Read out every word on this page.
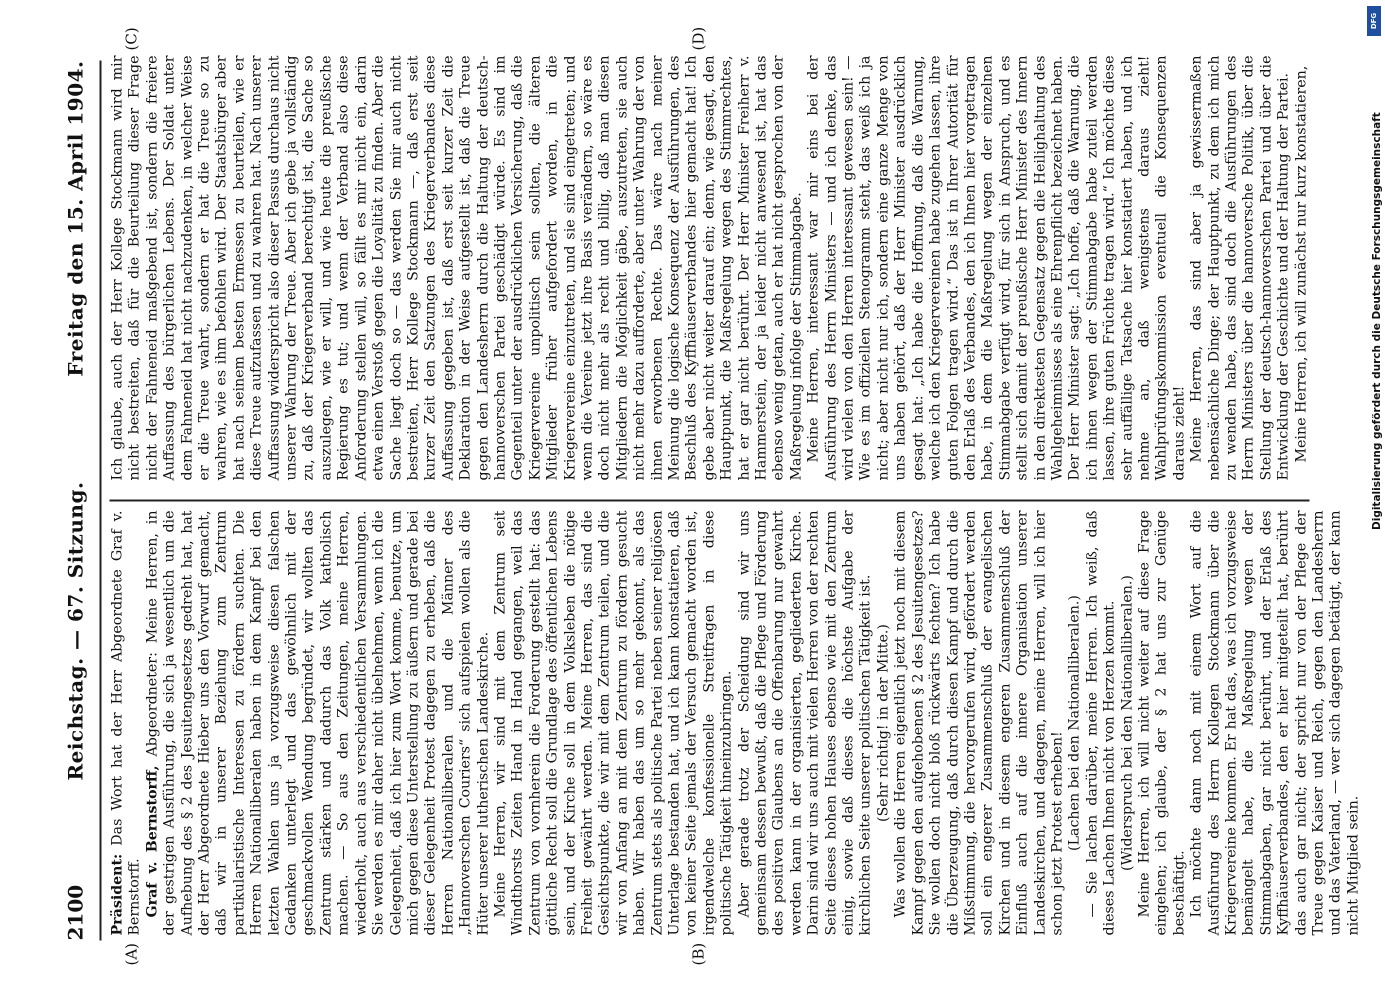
2100
Reichstag. — 67. Sitzung.
Freitag den 15. April 1904.
(A)	(B)
(C)	(D)

Präsident: Das Wort hat der Herr Abgeordnete Graf v. Bernstorff. Graf v. Bernstorff, Abgeordneter: Meine Herren, in der gestrigen Ausführung, die sich ja wesentlich um die Aufhebung des § 2 des Jesuitengesetzes gedreht hat, hat der Herr Abgeordnete Hieber uns den Vorwurf gemacht, daß wir in unserer Beziehung zum Zentrum partikularistische Interessen zu fördern suchten. Die Herren Nationalliberalen haben in dem Kampf bei den letzten Wahlen uns ja vorzugsweise diesen falschen Gedanken unterlegt und das gewöhnlich mit der geschmackvollen Wendung begründet, wir wollten das Zentrum stärken und dadurch das Volk katholisch machen. — So aus den Zeitungen, meine Herren, wiederholt, auch aus verschiedentlichen Versammlungen. Sie werden es mir daher nicht übelnehmen, wenn ich die Gelegenheit, daß ich hier zum Wort komme, benutze, um mich gegen diese Unterstellung zu äußern und gerade bei dieser Gelegenheit Protest dagegen zu erheben, daß die Herren Nationalliberalen und die Männer des „Hannoverschen Couriers“ sich aufspielen wollen als die Hüter unserer lutherischen Landeskirche. Meine Herren, wir sind mit dem Zentrum seit Windthorsts Zeiten Hand in Hand gegangen, weil das Zentrum von vornherein die Forderung gestellt hat: das göttliche Recht soll die Grundlage des öffentlichen Lebens sein, und der Kirche soll in dem Volksleben die nötige Freiheit gewährt werden. Meine Herren, das sind die Gesichtspunkte, die wir mit dem Zentrum teilen, und die wir von Anfang an mit dem Zentrum zu fördern gesucht haben. Wir haben das um so mehr gekonnt, als das Zentrum stets als politische Partei neben seiner religiösen Unterlage bestanden hat, und ich kann konstatieren, daß von keiner Seite jemals der Versuch gemacht worden ist, irgendwelche konfessionelle Streitfragen in diese politische Tätigkeit hineinzubringen. Aber gerade trotz der Scheidung sind wir uns gemeinsam dessen bewußt, daß die Pflege und Förderung des positiven Glaubens an die Offenbarung nur gewahrt werden kann in der organisierten, gegliederten Kirche. Darin sind wir uns auch mit vielen Herren von der rechten Seite dieses hohen Hauses ebenso wie mit den Zentrum einig, sowie daß dieses die höchste Aufgabe der kirchlichen Seite unserer politischen Tätigkeit ist. (Sehr richtig! in der Mitte.) Was wollen die Herren eigentlich jetzt noch mit diesem Kampf gegen den aufgehobenen § 2 des Jesuitengesetzes? Sie wollen doch nicht bloß rückwärts fechten? Ich habe die Überzeugung, daß durch diesen Kampf und durch die Mißstimmung, die hervorgerufen wird, gefördert werden soll ein engerer Zusammenschluß der evangelischen Kirchen und in diesem engeren Zusammenschluß der Einfluß auch auf die innere Organisation unserer Landeskirchen, und dagegen, meine Herren, will ich hier schon jetzt Protest erheben! (Lachen bei den Nationalliberalen.) — Sie lachen darüber, meine Herren. Ich weiß, daß dieses Lachen Ihnen nicht von Herzen kommt. (Widerspruch bei den Nationalliberalen.) Meine Herren, ich will nicht weiter auf diese Frage eingehen; ich glaube, der § 2 hat uns zur Genüge beschäftigt. Ich möchte dann noch mit einem Wort auf die Ausführung des Herrn Kollegen Stockmann über die Kriegervereine kommen. Er hat das, was ich vorzugsweise bemängelt habe, die Maßregelung wegen der Stimmabgaben, gar nicht berührt, und der Erlaß des Kyffhäuserverbandes, den er hier mitgeteilt hat, berührt das auch gar nicht; der spricht nur von der Pflege der Treue gegen Kaiser und Reich, gegen den Landesherrn und das Vaterland, — wer sich dagegen betätigt, der kann nicht Mitglied sein.

Ich glaube, auch der Herr Kollege Stockmann wird mir nicht bestreiten, daß für die Beurteilung dieser Frage nicht der Fahneneid maßgebend ist, sondern die freiere Auffassung des bürgerlichen Lebens. Der Soldat unter dem Fahneneid hat nicht nachzudenken, in welcher Weise er die Treue wahrt, sondern er hat die Treue so zu wahren, wie es ihm befohlen wird. Der Staatsbürger aber hat nach seinem besten Ermessen zu beurteilen, wie er diese Treue aufzufassen und zu wahren hat. Nach unserer Auffassung widerspricht also dieser Passus durchaus nicht unserer Wahrung der Treue. Aber ich gebe ja vollständig zu, daß der Kriegerverband berechtigt ist, die Sache so auszulegen, wie er will, und wie heute die preußische Regierung es tut; und wenn der Verband also diese Anforderung stellen will, so fällt es mir nicht ein, darin etwa einen Verstoß gegen die Loyalität zu finden. Aber die Sache liegt doch so — das werden Sie mir auch nicht bestreiten, Herr Kollege Stockmann —, daß erst seit kurzer Zeit den Satzungen des Kriegerverbandes diese Auffassung gegeben ist, daß erst seit kurzer Zeit die Deklaration in der Weise aufgestellt ist, daß die Treue gegen den Landesherrn durch die Haltung der deutsch-hannoverschen Partei geschädigt würde. Es sind im Gegenteil unter der ausdrücklichen Versicherung, daß die Kriegervereine unpolitisch sein sollten, die älteren Mitglieder früher aufgefordert worden, in die Kriegervereine einzutreten, und sie sind eingetreten; und wenn die Vereine jetzt ihre Basis verändern, so wäre es doch nicht mehr als recht und billig, daß man diesen Mitgliedern die Möglichkeit gäbe, auszutreten, sie auch nicht mehr dazu aufforderte, aber unter Wahrung der von ihnen erworbenen Rechte. Das wäre nach meiner Meinung die logische Konsequenz der Ausführungen, des Beschluß des Kyffhäuserverbandes hier gemacht hat! Ich gebe aber nicht weiter darauf ein; denn, wie gesagt, den Hauptpunkt, die Maßregelung wegen des Stimmrechtes, hat er gar nicht berührt. Der Herr Minister Freiherr v. Hammerstein, der ja leider nicht anwesend ist, hat das ebenso wenig getan, auch er hat nicht gesprochen von der Maßregelung infolge der Stimmabgabe. Meine Herren, interessant war mir eins bei der Ausführung des Herrn Ministers — und ich denke, das wird vielen von den Herren interessant gewesen sein! — Wie es im offiziellen Stenogramm steht, das weiß ich ja nicht; aber nicht nur ich, sondern eine ganze Menge von uns haben gehört, daß der Herr Minister ausdrücklich gesagt hat: „Ich habe die Hoffnung, daß die Warnung, welche ich den Kriegervereinen habe zugehen lassen, ihre guten Folgen tragen wird.“ Das ist in Ihrer Autorität für den Erlaß des Verbandes, den ich Ihnen hier vorgetragen habe, in dem die Maßregelung wegen der einzelnen Stimmabgabe verfügt wird, für sich in Anspruch, und es stellt sich damit der preußische Herr Minister des Innern in den direktesten Gegensatz gegen die Heilighaltung des Wahlgeheimnisses als eine Ehrenpflicht bezeichnet haben. Der Herr Minister sagt: „Ich hoffe, daß die Warnung, die ich ihnen wegen der Stimmabgabe habe zuteil werden lassen, ihre guten Früchte tragen wird.“ Ich möchte diese sehr auffällige Tatsache hier konstatiert haben, und ich nehme an, daß wenigstens daraus zieht! Wahlprüfungskommission eventuell die Konsequenzen daraus zieht! Meine Herren, das sind aber ja gewissermaßen nebensächliche Dinge; der Hauptpunkt, zu dem ich mich zu wenden habe, das sind doch die Ausführungen des Herrn Ministers über die hannoversche Politik, über die Stellung der deutsch-hannoverschen Partei und über die Entwicklung der Geschichte und der Haltung der Partei. Meine Herren, ich will zunächst nur kurz konstatieren,

DFG
Digitalisierung gefördert durch die Deutsche Forschungsgemeinschaft
